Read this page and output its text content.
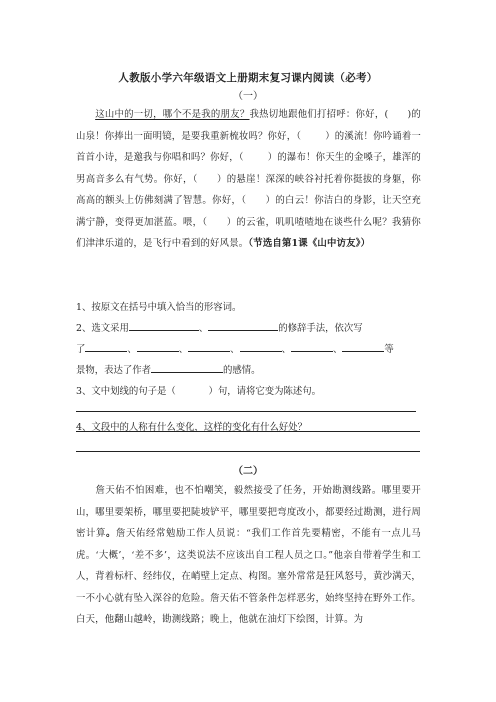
人教版小学六年级语文上册期末复习课内阅读（必考）
（一）
  这山中的一切，哪个不是我的朋友？我热切地跟他们打招呼：你好，(   )的山泉！你捧出一面明镜，是要我重新梳妆吗？你好，（   	）的溪流！你吟诵着一首首小诗，是邀我与你唱和吗？你好，（   	）的瀑布！你天生的金嗓子，雄浑的男高音多么有气势。你好，（   ）的悬崖！深深的峡谷衬托着你挺拔的身躯，你高高的额头上仿佛刻满了智慧。你好，（   ）的白云！你洁白的身影，让天空充满宁静，变得更加湛蓝。喂，（   ）的云雀，叽叽喳喳地在谈些什么呢？我猜你们津津乐道的，是飞行中看到的好风景。（节选自第1课《山中访友》）
1、按原文在括号中填入恰当的形容词。
2、选文采用	、	的修辞手法，依次写
了	、	、	、	、	、	等
景物，表达了作者	的感情。
3、文中划线的句子是（    	）句，请将它变为陈述句。
4、文段中的人称有什么变化，这样的变化有什么好处？
（二）
  詹天佑不怕困难，也不怕嘲笑，毅然接受了任务，开始勘测线路。哪里要开山，哪里要架桥，哪里要把陡坡铲平，哪里要把弯度改小，都要经过勘测，进行周密计算。詹天佑经常勉励工作人员说：“我们工作首先要精密，不能有一点儿马虎。‘大概’，‘差不多’，这类说法不应该出自工程人员之口。”他亲自带着学生和工人，背着标杆、经纬仪，在峭壁上定点、构图。塞外常常是狂风怒号，黄沙满天，一不小心就有坠入深谷的危险。詹天佑不管条件怎样恶劣，始终坚持在野外工作。白天，他翻山越岭，勘测线路；晚上，他就在油灯下绘图，计算。为
